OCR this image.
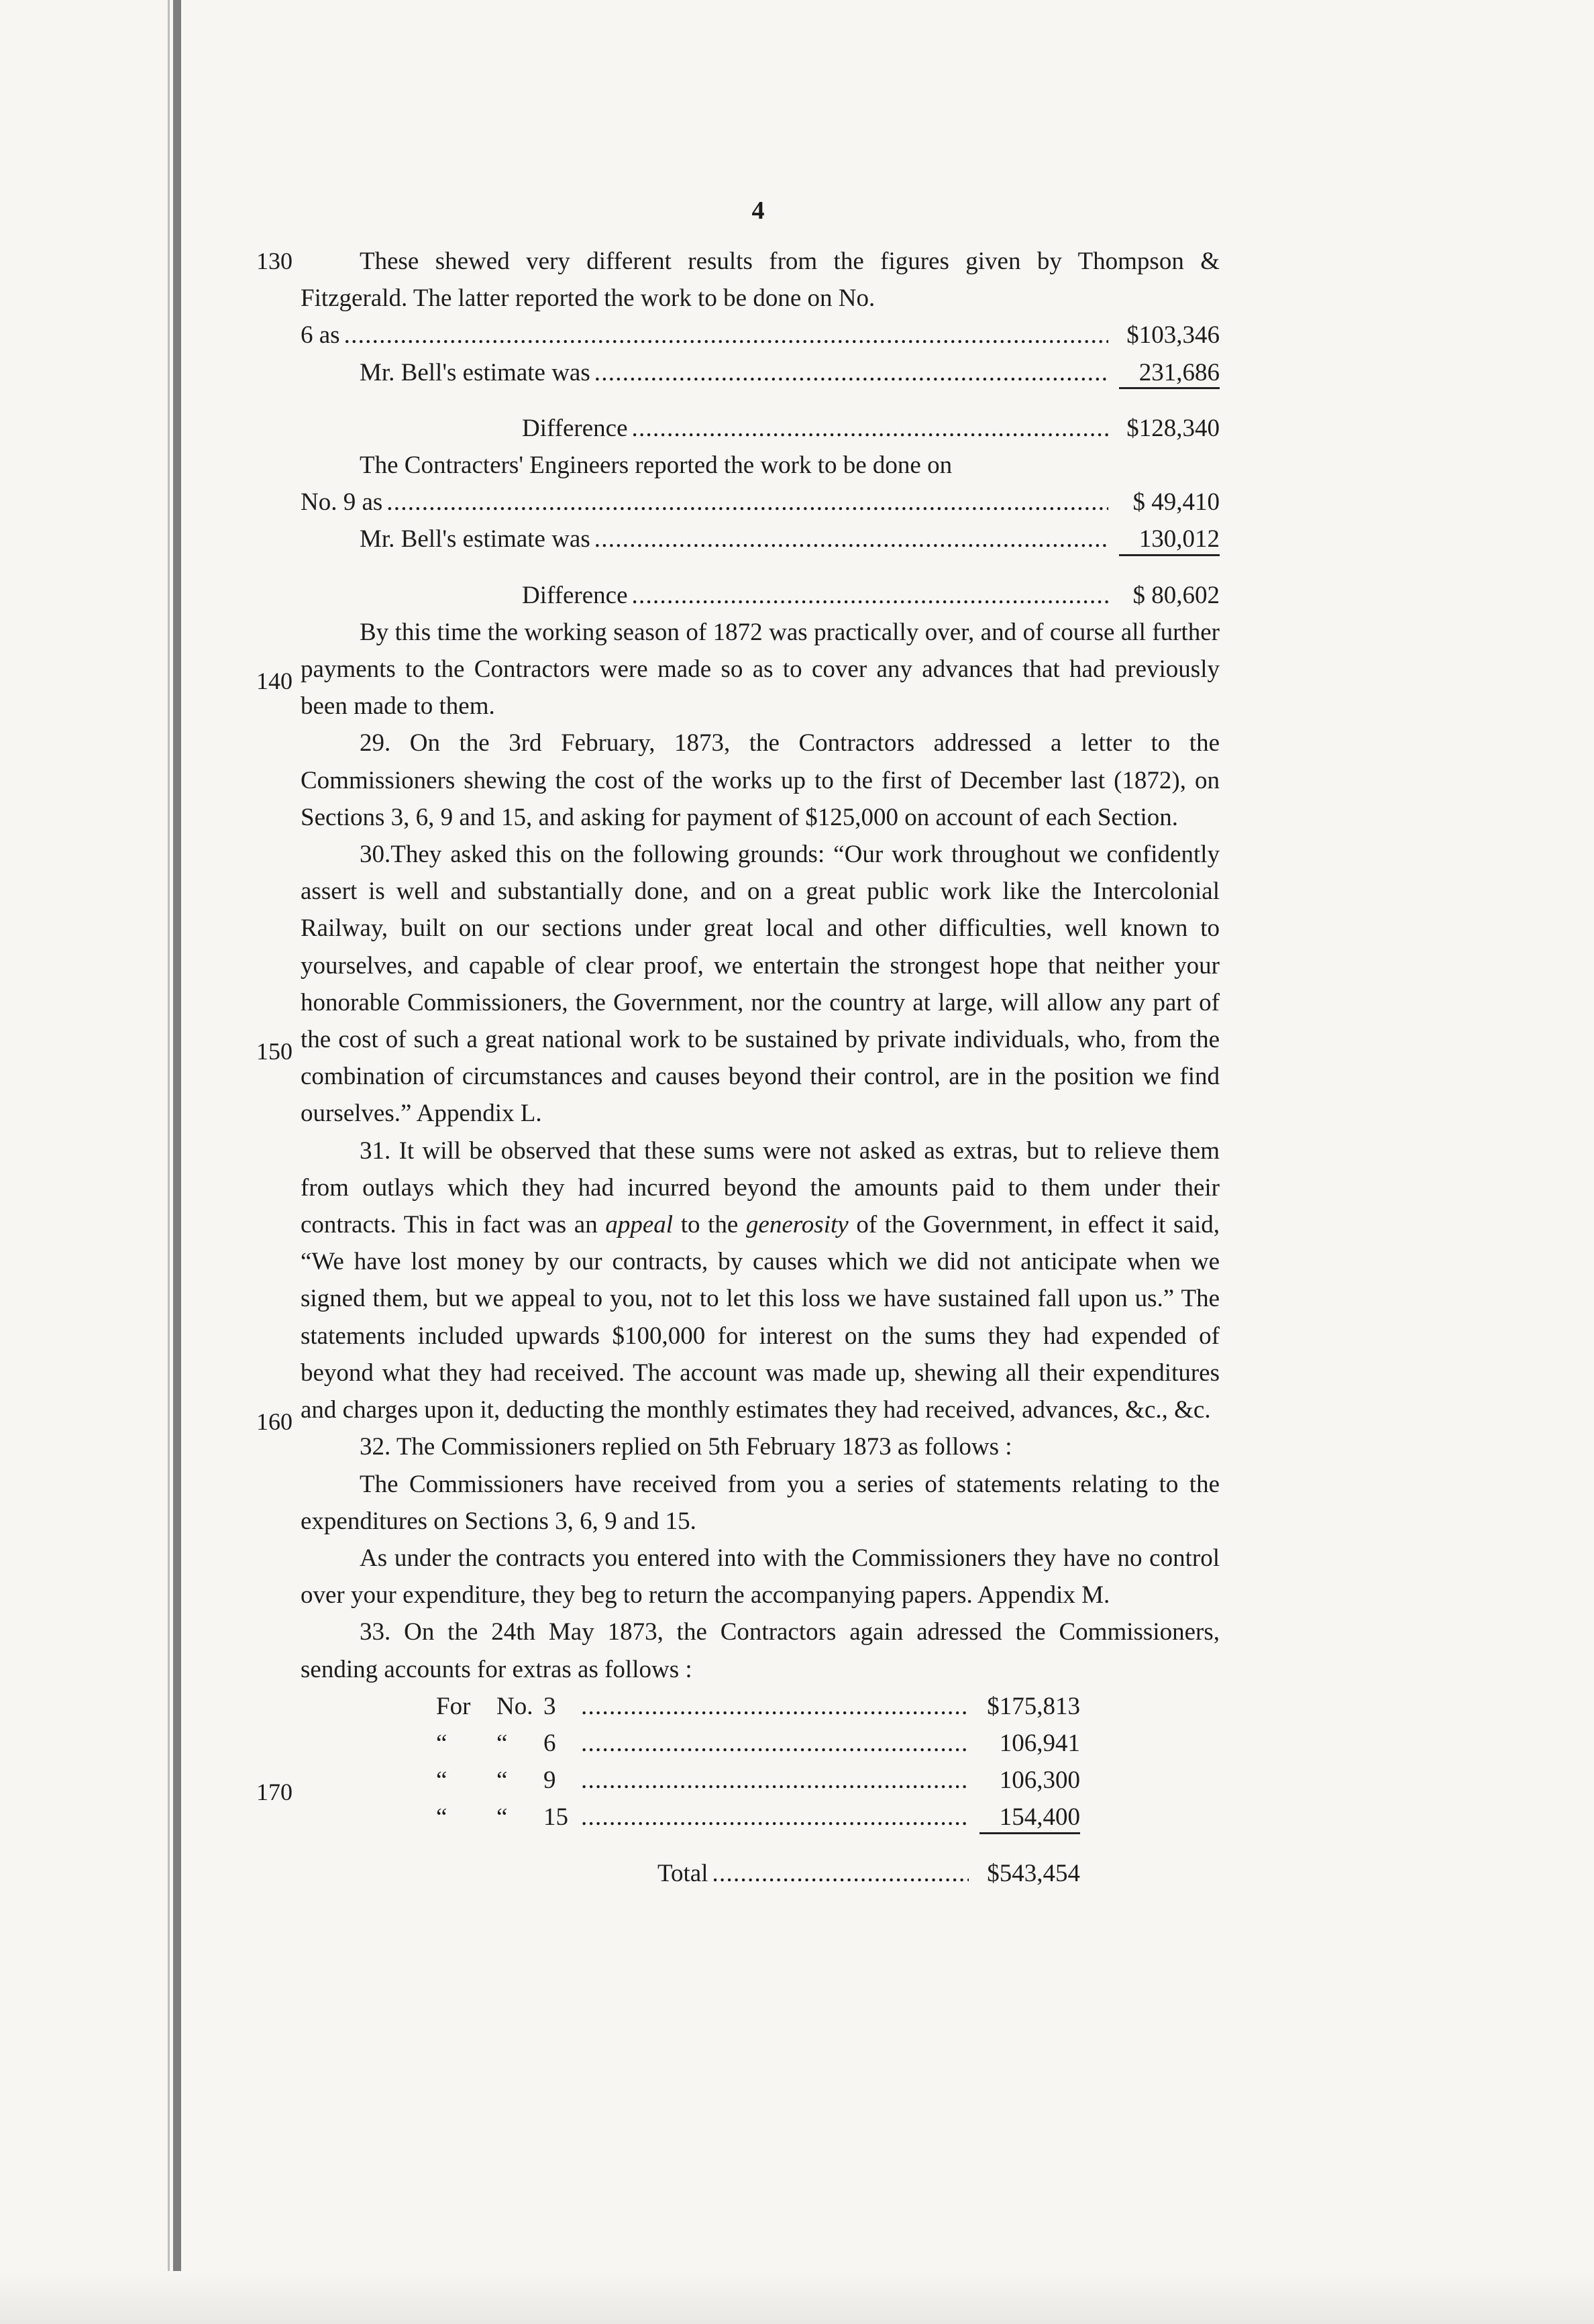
4
130
140
150
160
170

These shewed very different results from the figures given by Thompson & Fitzgerald. The latter reported the work to be done on No.

6 as . . .	$103,346
Mr. Bell's estimate was . . .	231,686
Difference . . .	$128,340

The Contracters' Engineers reported the work to be done on

No. 9 as . . .	$ 49,410
Mr. Bell's estimate was . . .	130,012
Difference . . .	$ 80,602

By this time the working season of 1872 was practically over, and of course all further payments to the Contractors were made so as to cover any advances that had previously been made to them.

29. On the 3rd February, 1873, the Contractors addressed a letter to the Commissioners shewing the cost of the works up to the first of December last (1872), on Sections 3, 6, 9 and 15, and asking for payment of $125,000 on account of each Section.

30.They asked this on the following grounds: “Our work throughout we confidently assert is well and substantially done, and on a great public work like the Intercolonial Railway, built on our sections under great local and other difficulties, well known to yourselves, and capable of clear proof, we entertain the strongest hope that neither your honorable Commissioners, the Government, nor the country at large, will allow any part of the cost of such a great national work to be sustained by private individuals, who, from the combination of circumstances and causes beyond their control, are in the position we find ourselves.” Appendix L.

31. It will be observed that these sums were not asked as extras, but to relieve them from outlays which they had incurred beyond the amounts paid to them under their contracts. This in fact was an appeal to the generosity of the Government, in effect it said, “We have lost money by our contracts, by causes which we did not anticipate when we signed them, but we appeal to you, not to let this loss we have sustained fall upon us.” The statements included upwards $100,000 for interest on the sums they had expended of beyond what they had received. The account was made up, shewing all their expenditures and charges upon it, deducting the monthly estimates they had received, advances, &c., &c.

32. The Commissioners replied on 5th February 1873 as follows :

The Commissioners have received from you a series of statements relating to the expenditures on Sections 3, 6, 9 and 15.

As under the contracts you entered into with the Commissioners they have no control over your expenditure, they beg to return the accompanying papers. Appendix M.

33. On the 24th May 1873, the Contractors again adressed the Commissioners, sending accounts for extras as follows :

For	No. 3 . . .	$175,813
“	“	6 . . .	106,941
“	“	9 . . .	106,300
“	“	15 . . .	154,400
Total . . .	$543,454
